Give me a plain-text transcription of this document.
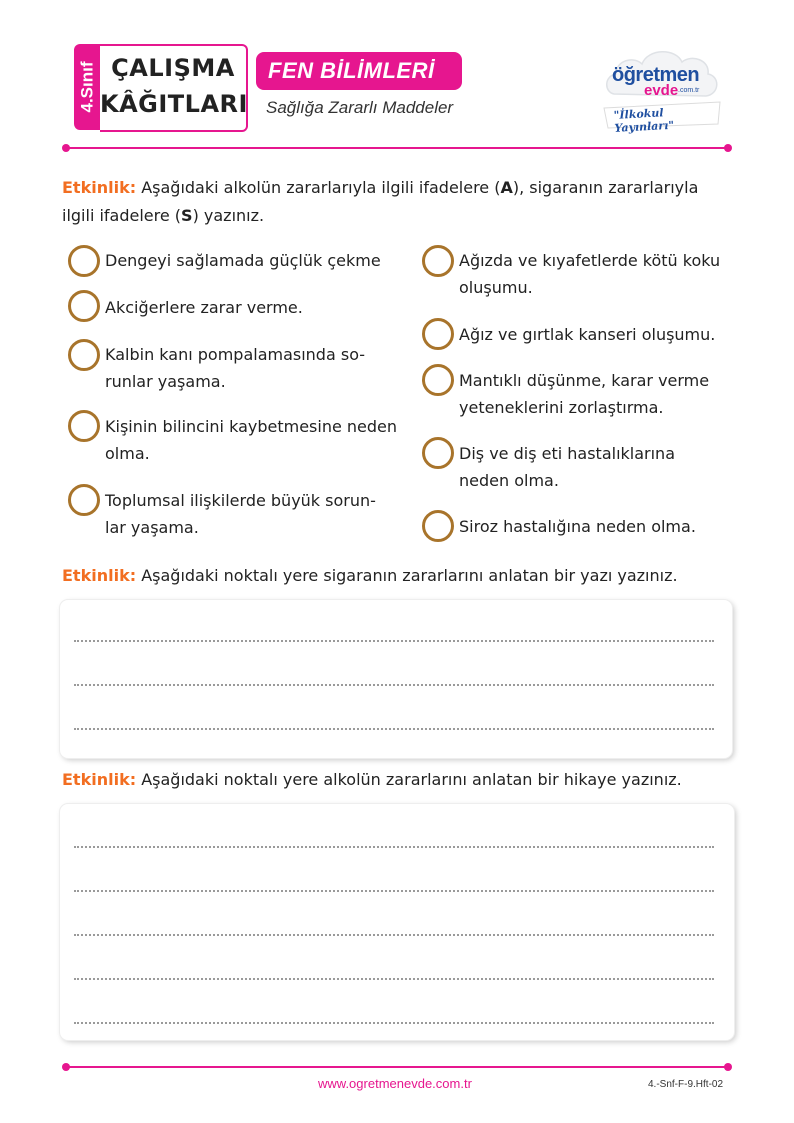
4.Sınıf ÇALIŞMA
KÂĞITLARI
FEN BİLİMLERİ
Sağlığa Zararlı Maddeler
öğretmen
evde .com.tr
"İlkokul Yayınları"
Etkinlik: Aşağıdaki alkolün zararlarıyla ilgili ifadelere (A), sigaranın zararlarıyla
ilgili ifadelere (S) yazınız.
Dengeyi sağlamada güçlük çekme
Akciğerlere zarar verme.
Kalbin kanı pompalamasında so-
runlar yaşama.
Kişinin bilincini kaybetmesine neden
olma.
Toplumsal ilişkilerde büyük sorun-
lar yaşama.
Ağızda ve kıyafetlerde kötü koku
oluşumu.
Ağız ve gırtlak kanseri oluşumu.
Mantıklı düşünme, karar verme
yeteneklerini zorlaştırma.
Diş ve diş eti hastalıklarına
neden olma.
Siroz hastalığına neden olma.
Etkinlik: Aşağıdaki noktalı yere sigaranın zararlarını anlatan bir yazı yazınız.
Etkinlik: Aşağıdaki noktalı yere alkolün zararlarını anlatan bir hikaye yazınız.
www.ogretmenevde.com.tr	4.-Snf-F-9.Hft-02
